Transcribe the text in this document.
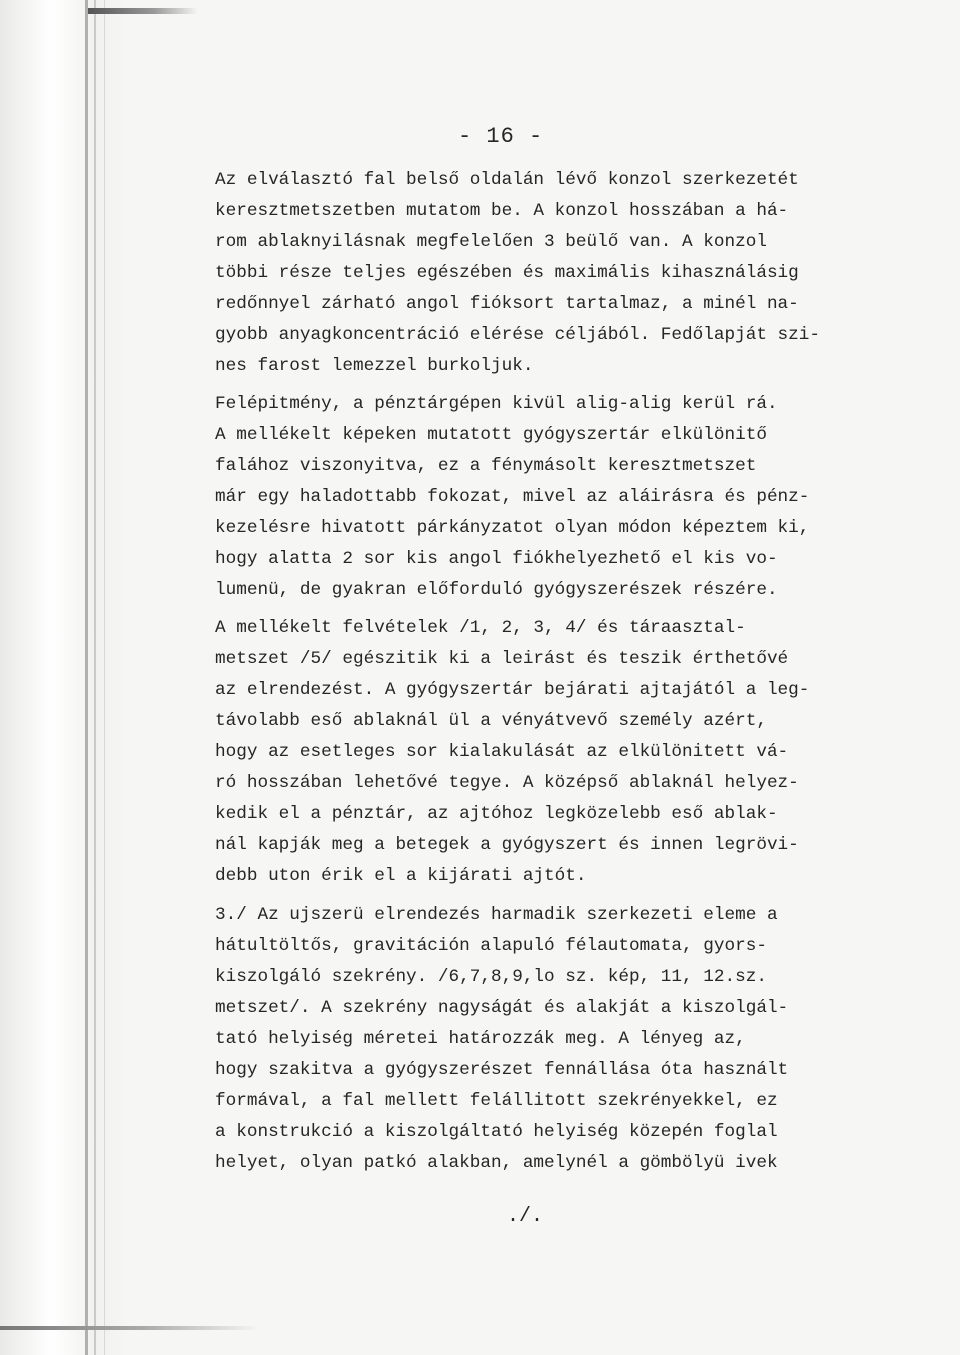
- 16 -

Az elválasztó fal belső oldalán lévő konzol szerkezetét

keresztmetszetben mutatom be. A konzol hosszában a há-

rom ablaknyilásnak megfelelően 3 beülő van. A konzol

többi része teljes egészében és maximális kihasználásig

redőnnyel zárható angol fióksort tartalmaz, a minél na-

gyobb anyagkoncentráció elérése céljából. Fedőlapját szi-

nes farost lemezzel burkoljuk.

Felépitmény, a pénztárgépen kivül alig-alig kerül rá.

A mellékelt képeken mutatott gyógyszertár elkülönitő

falához viszonyitva, ez a fénymásolt keresztmetszet

már egy haladottabb fokozat, mivel az aláirásra és pénz-

kezelésre hivatott párkányzatot olyan módon képeztem ki,

hogy alatta 2 sor kis angol fiókhelyezhető el kis vo-

lumenü, de gyakran előforduló gyógyszerészek részére.

A mellékelt felvételek /1, 2, 3, 4/ és táraasztal-

metszet /5/ egészitik ki a leirást és teszik érthetővé

az elrendezést. A gyógyszertár bejárati ajtajától a leg-

távolabb eső ablaknál ül a vényátvevő személy azért,

hogy az esetleges sor kialakulását az elkülönitett vá-

ró hosszában lehetővé tegye. A középső ablaknál helyez-

kedik el a pénztár, az ajtóhoz legközelebb eső ablak-

nál kapják meg a betegek a gyógyszert és innen legrövi-

debb uton érik el a kijárati ajtót.

3./ Az ujszerü elrendezés harmadik szerkezeti eleme a

hátultöltős, gravitáción alapuló félautomata, gyors-

kiszolgáló szekrény. /6,7,8,9,lo sz. kép, 11, 12.sz.

metszet/. A szekrény nagyságát és alakját a kiszolgál-

tató helyiség méretei határozzák meg. A lényeg az,

hogy szakitva a gyógyszerészet fennállása óta használt

formával, a fal mellett felállitott szekrényekkel, ez

a konstrukció a kiszolgáltató helyiség közepén foglal

helyet, olyan patkó alakban, amelynél a gömbölyü ivek

./.
